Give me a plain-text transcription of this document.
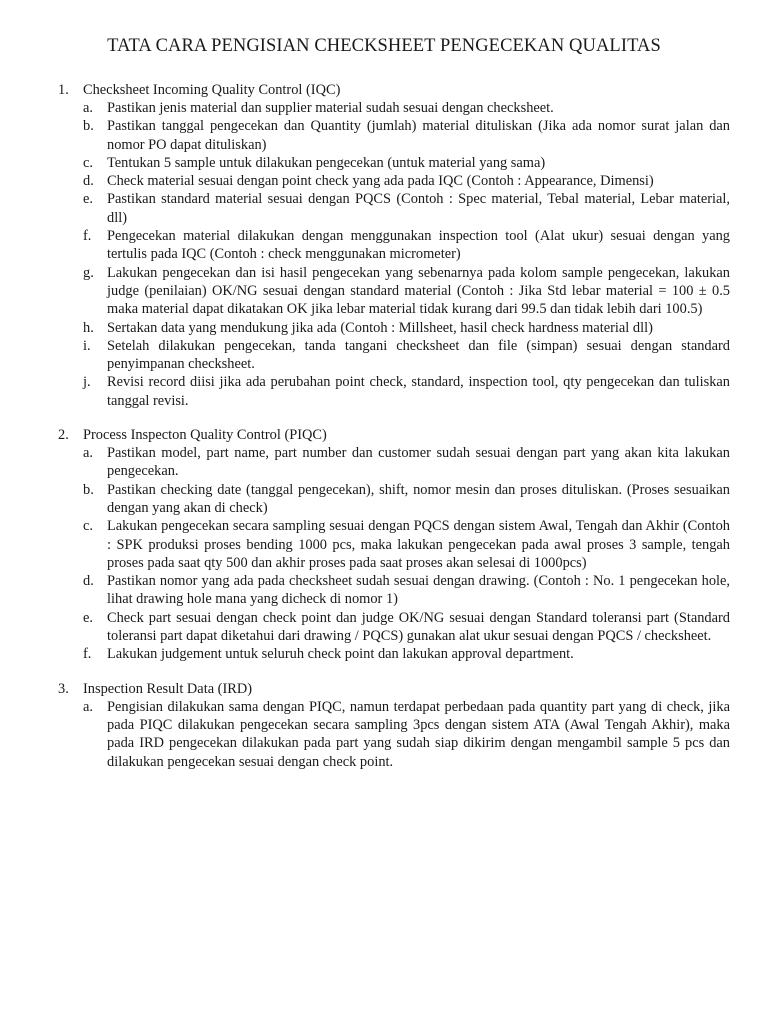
TATA CARA PENGISIAN CHECKSHEET PENGECEKAN QUALITAS
1. Checksheet Incoming Quality Control (IQC)
a. Pastikan jenis material dan supplier material sudah sesuai dengan checksheet.
b. Pastikan tanggal pengecekan dan Quantity (jumlah) material dituliskan (Jika ada nomor surat jalan dan nomor PO dapat dituliskan)
c. Tentukan 5 sample untuk dilakukan pengecekan (untuk material yang sama)
d. Check material sesuai dengan point check yang ada pada IQC (Contoh : Appearance, Dimensi)
e. Pastikan standard material sesuai dengan PQCS (Contoh : Spec material, Tebal material, Lebar material, dll)
f.	Pengecekan material dilakukan dengan menggunakan inspection tool (Alat ukur) sesuai dengan yang tertulis pada IQC (Contoh : check menggunakan micrometer)
g. Lakukan pengecekan dan isi hasil pengecekan yang sebenarnya pada kolom sample pengecekan, lakukan judge (penilaian) OK/NG sesuai dengan standard material (Contoh : Jika Std lebar material = 100 ± 0.5 maka material dapat dikatakan OK jika lebar material tidak kurang dari 99.5 dan tidak lebih dari 100.5)
h. Sertakan data yang mendukung jika ada (Contoh : Millsheet, hasil check hardness material dll)
i.	Setelah dilakukan pengecekan, tanda tangani checksheet dan file (simpan) sesuai dengan standard penyimpanan checksheet.
j.	Revisi record diisi jika ada perubahan point check, standard, inspection tool, qty pengecekan dan tuliskan tanggal revisi.
2. Process Inspecton Quality Control (PIQC)
a. Pastikan model, part name, part number dan customer sudah sesuai dengan part yang akan kita lakukan pengecekan.
b. Pastikan checking date (tanggal pengecekan), shift, nomor mesin dan proses dituliskan. (Proses sesuaikan dengan yang akan di check)
c. Lakukan pengecekan secara sampling sesuai dengan PQCS dengan sistem Awal, Tengah dan Akhir (Contoh : SPK produksi proses bending 1000 pcs, maka lakukan pengecekan pada awal proses 3 sample, tengah proses pada saat qty 500 dan akhir proses pada saat proses akan selesai di 1000pcs)
d. Pastikan nomor yang ada pada checksheet sudah sesuai dengan drawing. (Contoh : No. 1 pengecekan hole, lihat drawing hole mana yang dicheck di nomor 1)
e. Check part sesuai dengan check point dan judge OK/NG sesuai dengan Standard toleransi part (Standard toleransi part dapat diketahui dari drawing / PQCS) gunakan alat ukur sesuai dengan PQCS / checksheet.
f.	Lakukan judgement untuk seluruh check point dan lakukan approval department.
3. Inspection Result Data (IRD)
a. Pengisian dilakukan sama dengan PIQC, namun terdapat perbedaan pada quantity part yang di check, jika pada PIQC dilakukan pengecekan secara sampling 3pcs dengan sistem ATA (Awal Tengah Akhir), maka pada IRD pengecekan dilakukan pada part yang sudah siap dikirim dengan mengambil sample 5 pcs dan dilakukan pengecekan sesuai dengan check point.
